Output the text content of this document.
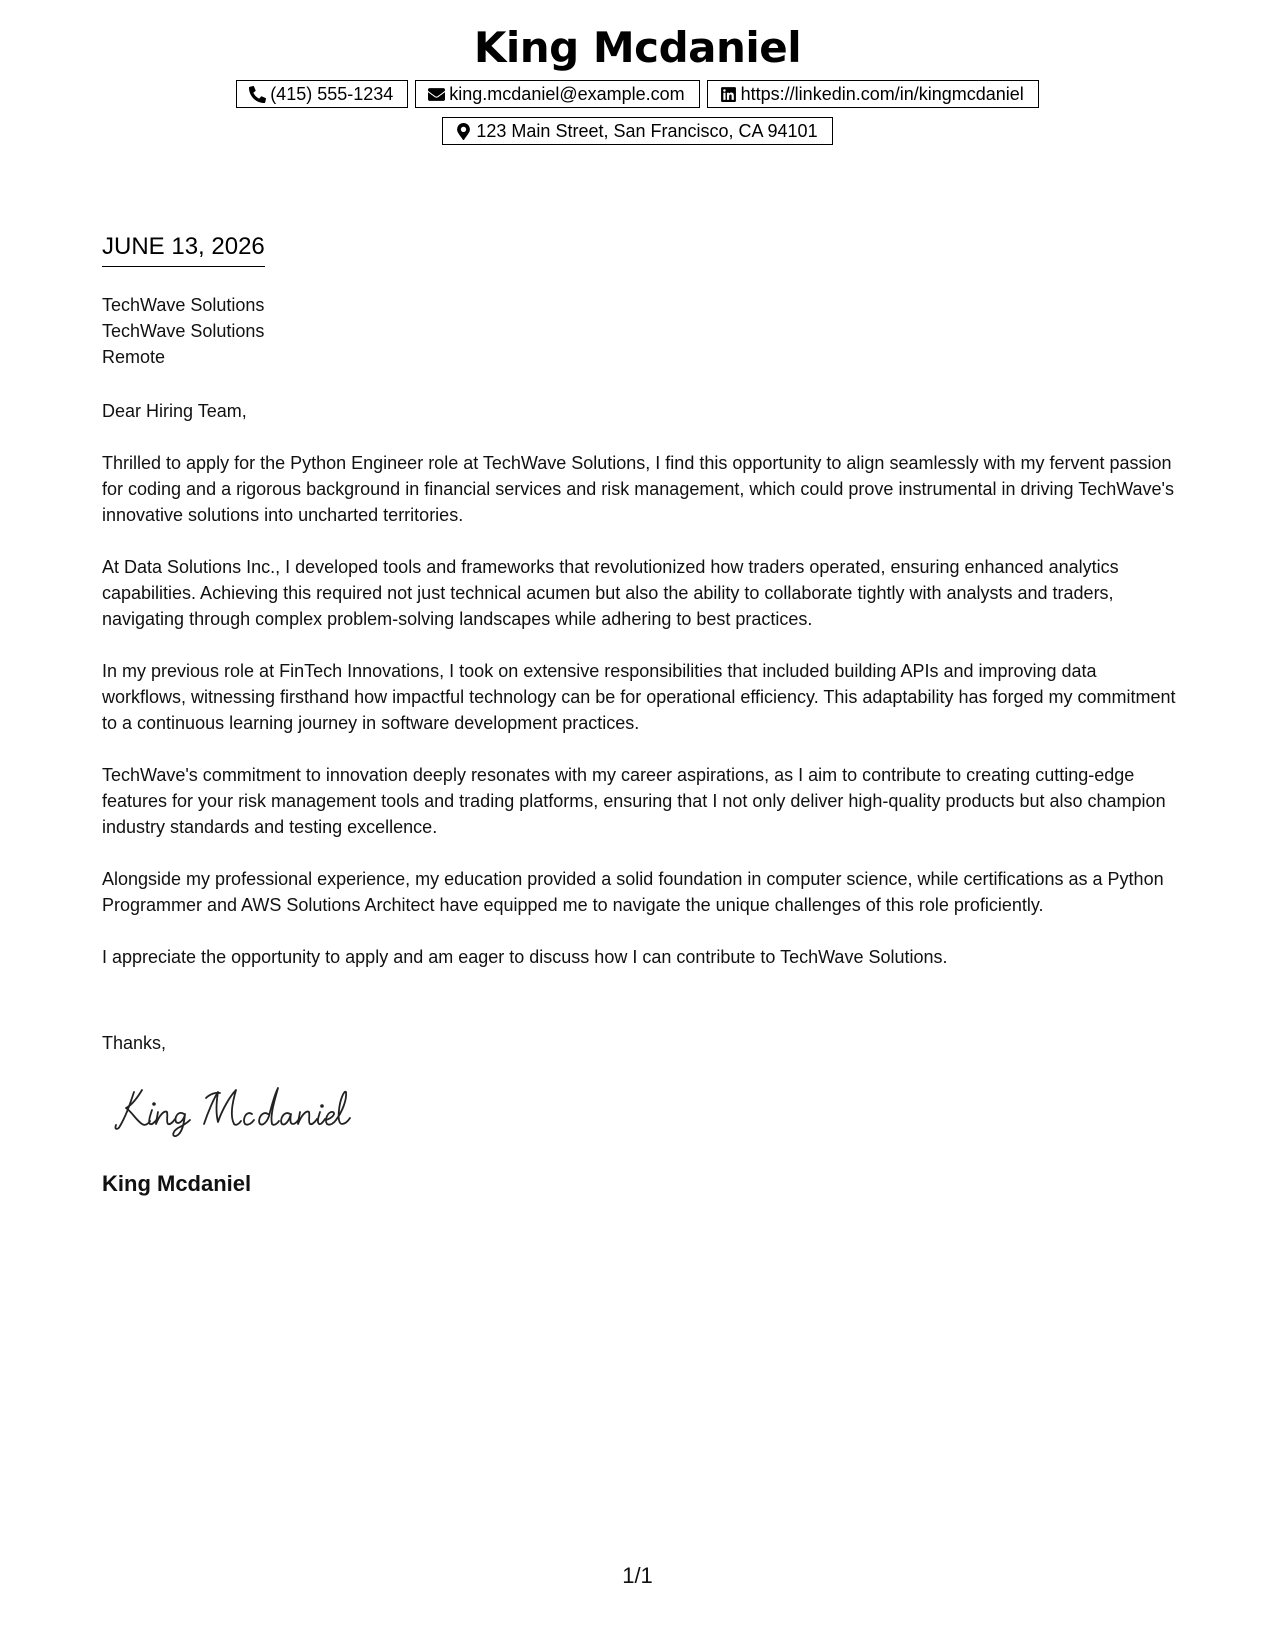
King Mcdaniel
(415) 555-1234	king.mcdaniel@example.com	https://linkedin.com/in/kingmcdaniel
123 Main Street, San Francisco, CA 94101
JUNE 13, 2026
TechWave Solutions
TechWave Solutions
Remote

Dear Hiring Team,

Thrilled to apply for the Python Engineer role at TechWave Solutions, I find this opportunity to align seamlessly with my fervent passion for coding and a rigorous background in financial services and risk management, which could prove instrumental in driving TechWave's innovative solutions into uncharted territories.

At Data Solutions Inc., I developed tools and frameworks that revolutionized how traders operated, ensuring enhanced analytics capabilities. Achieving this required not just technical acumen but also the ability to collaborate tightly with analysts and traders, navigating through complex problem-solving landscapes while adhering to best practices.

In my previous role at FinTech Innovations, I took on extensive responsibilities that included building APIs and improving data workflows, witnessing firsthand how impactful technology can be for operational efficiency. This adaptability has forged my commitment to a continuous learning journey in software development practices.

TechWave's commitment to innovation deeply resonates with my career aspirations, as I aim to contribute to creating cutting-edge features for your risk management tools and trading platforms, ensuring that I not only deliver high-quality products but also champion industry standards and testing excellence.

Alongside my professional experience, my education provided a solid foundation in computer science, while certifications as a Python Programmer and AWS Solutions Architect have equipped me to navigate the unique challenges of this role proficiently.

I appreciate the opportunity to apply and am eager to discuss how I can contribute to TechWave Solutions.

Thanks,
King Mcdaniel
1/1
